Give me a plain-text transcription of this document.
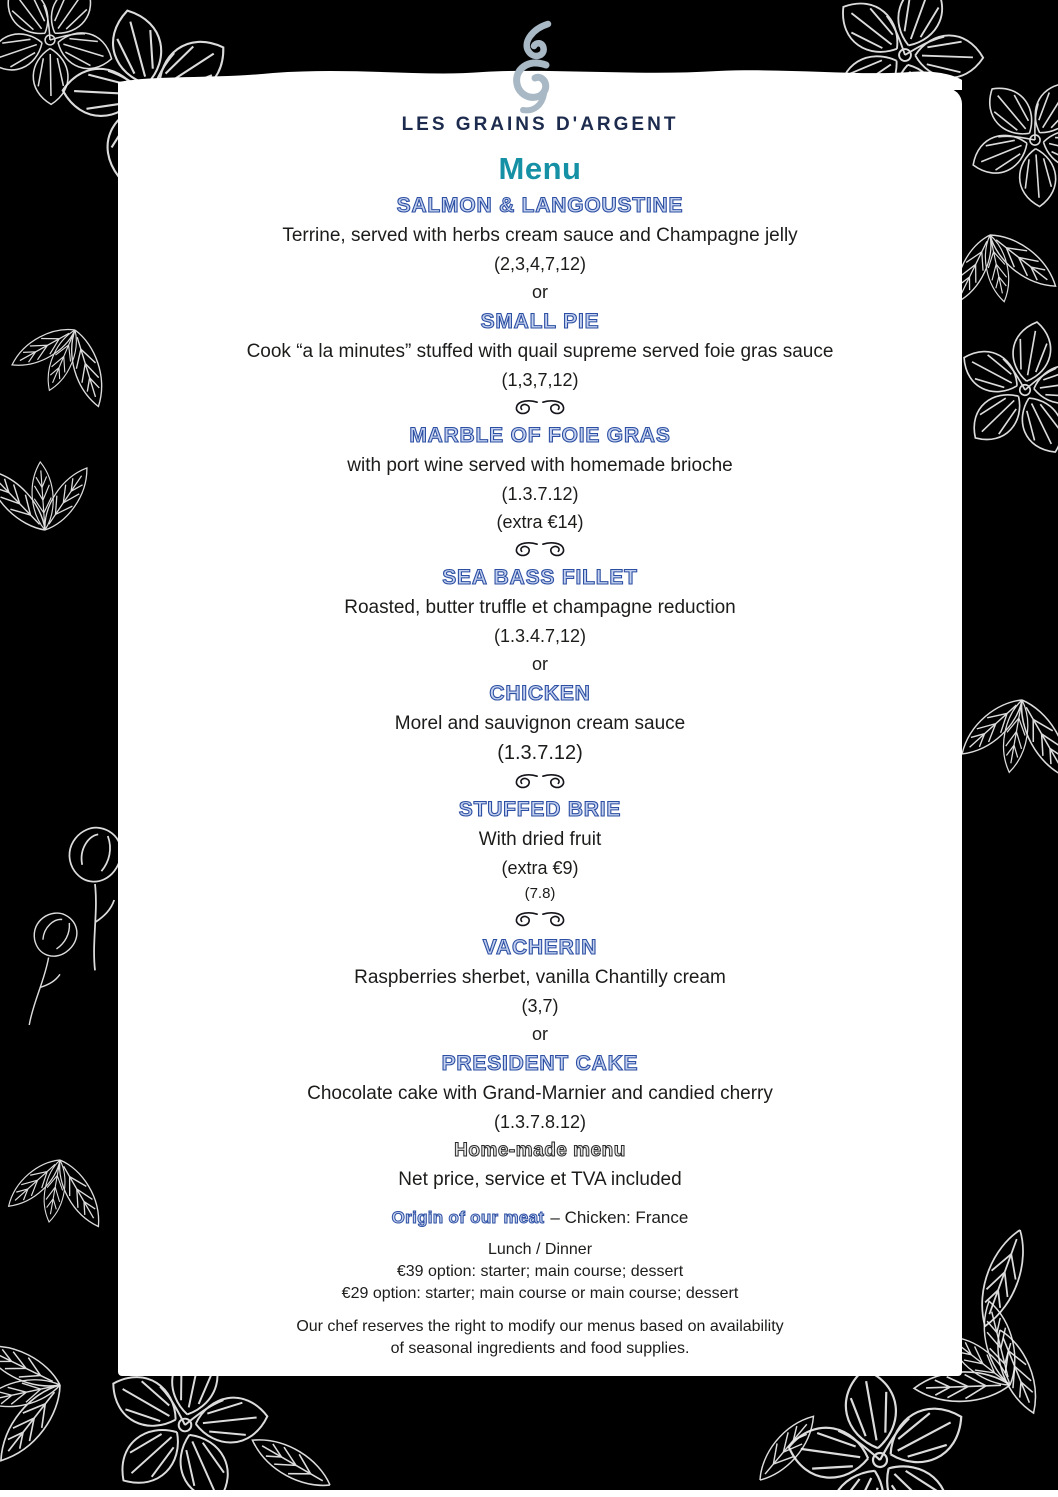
LES GRAINS D'ARGENT
Menu
SALMON & LANGOUSTINE

Terrine, served with herbs cream sauce and Champagne jelly

(2,3,4,7,12)

or

SMALL PIE

Cook “a la minutes” stuffed with quail supreme served foie gras sauce

(1,3,7,12)

MARBLE OF FOIE GRAS

with port wine served with homemade brioche

(1.3.7.12)

(extra €14)

SEA BASS FILLET

Roasted, butter truffle et champagne reduction

(1.3.4.7,12)

or

CHICKEN

Morel and sauvignon cream sauce

(1.3.7.12)

STUFFED BRIE

With dried fruit

(extra €9)

(7.8)

VACHERIN

Raspberries sherbet, vanilla Chantilly cream

(3,7)

or

PRESIDENT CAKE

Chocolate cake with Grand-Marnier and candied cherry

(1.3.7.8.12)

Home-made menu

Net price, service et TVA included

Origin of our meat – Chicken: France

Lunch / Dinner

€39 option: starter; main course; dessert

€29 option: starter; main course or main course; dessert

Our chef reserves the right to modify our menus based on availability
of seasonal ingredients and food supplies.
